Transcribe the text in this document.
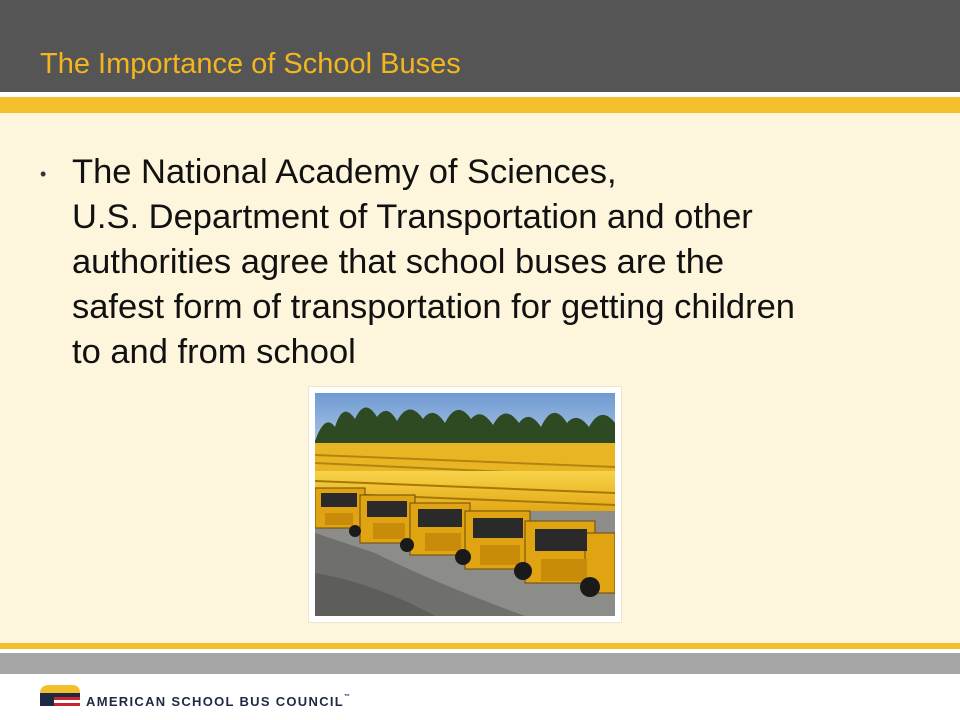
The Importance of School Buses
• The National Academy of Sciences,
U.S. Department of Transportation and other
authorities agree that school buses are the
safest form of transportation for getting children
to and from school
AMERICAN SCHOOL BUS COUNCIL™
